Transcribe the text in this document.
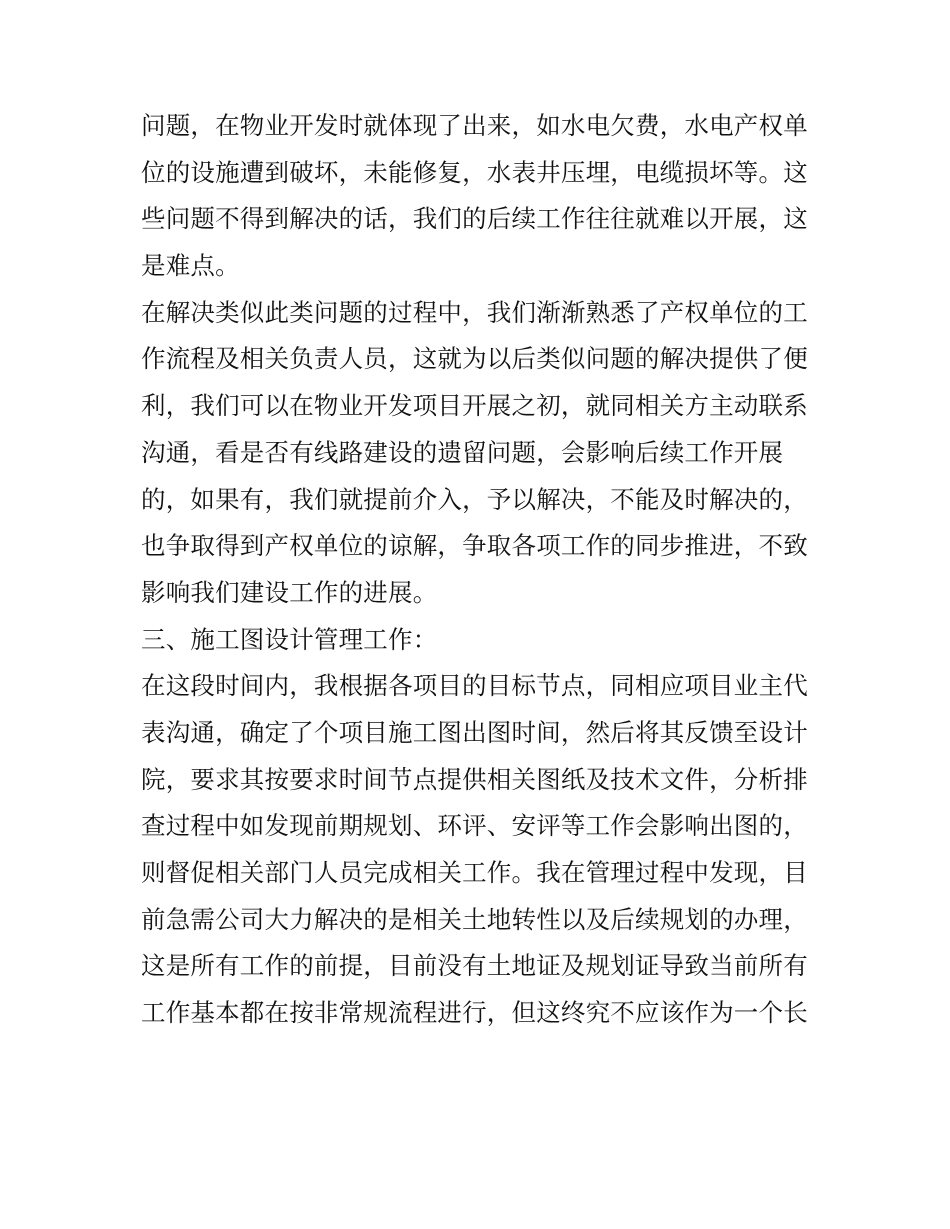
问题，在物业开发时就体现了出来，如水电欠费，水电产权单
位的设施遭到破坏，未能修复，水表井压埋，电缆损坏等。这
些问题不得到解决的话，我们的后续工作往往就难以开展，这
是难点。
在解决类似此类问题的过程中，我们渐渐熟悉了产权单位的工
作流程及相关负责人员，这就为以后类似问题的解决提供了便
利，我们可以在物业开发项目开展之初，就同相关方主动联系
沟通，看是否有线路建设的遗留问题，会影响后续工作开展
的，如果有，我们就提前介入，予以解决，不能及时解决的，
也争取得到产权单位的谅解，争取各项工作的同步推进，不致
影响我们建设工作的进展。
三、施工图设计管理工作：
在这段时间内，我根据各项目的目标节点，同相应项目业主代
表沟通，确定了个项目施工图出图时间，然后将其反馈至设计
院，要求其按要求时间节点提供相关图纸及技术文件，分析排
查过程中如发现前期规划、环评、安评等工作会影响出图的，
则督促相关部门人员完成相关工作。我在管理过程中发现，目
前急需公司大力解决的是相关土地转性以及后续规划的办理，
这是所有工作的前提，目前没有土地证及规划证导致当前所有
工作基本都在按非常规流程进行，但这终究不应该作为一个长
